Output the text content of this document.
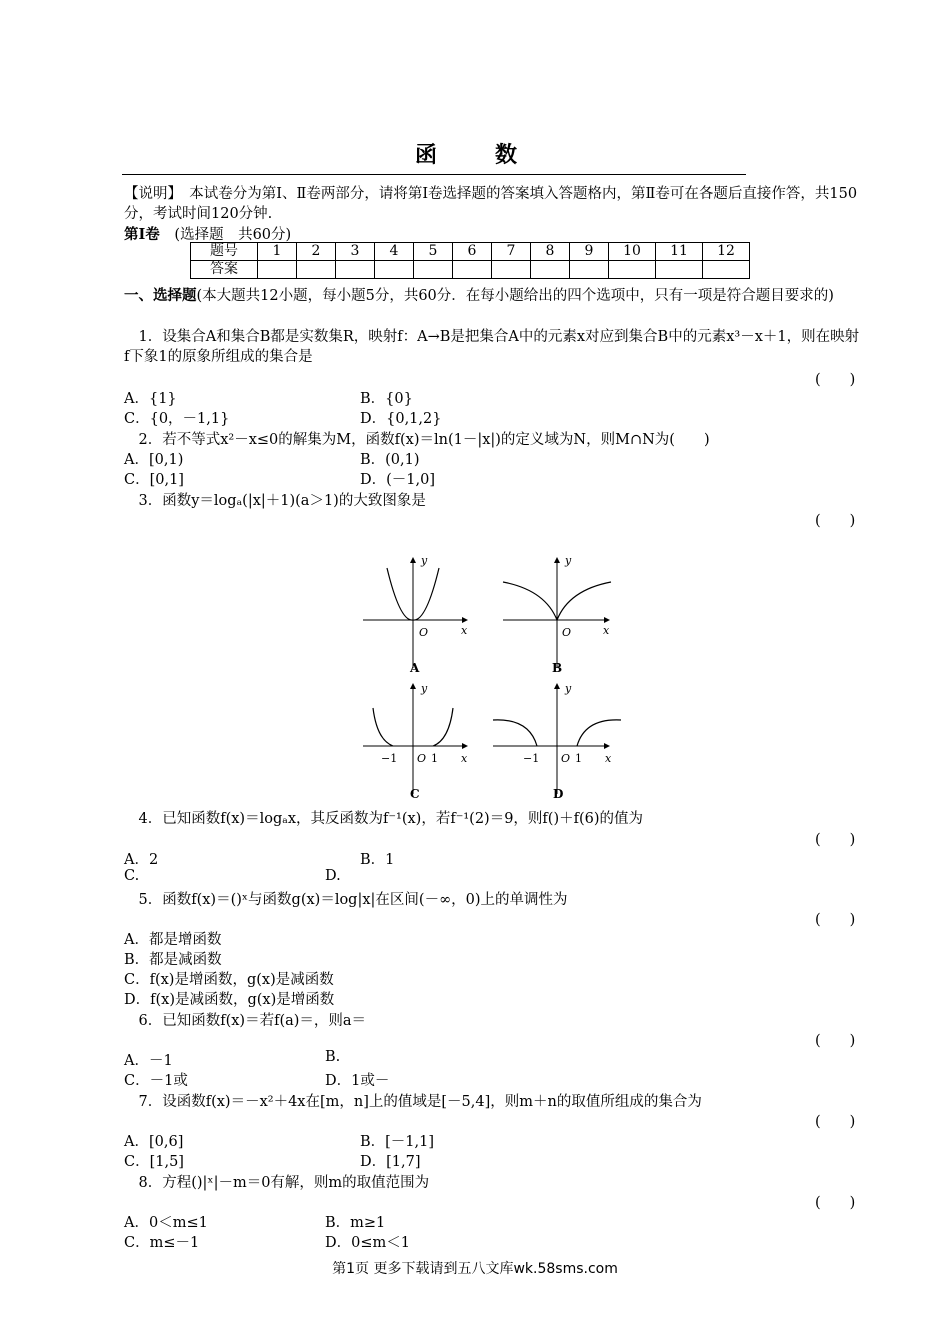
函　数
【说明】　本试卷分为第Ⅰ、Ⅱ卷两部分，请将第Ⅰ卷选择题的答案填入答题格内，第Ⅱ卷可在各题后直接作答，共150分，考试时间120分钟.
第Ⅰ卷 (选择题　共60分)
题号	1	2	3	4	5	6	7	8	9	10	11	12
答案												
一、选择题(本大题共12小题，每小题5分，共60分．在每小题给出的四个选项中，只有一项是符合题目要求的)
1．设集合A和集合B都是实数集R，映射f：A→B是把集合A中的元素x对应到集合B中的元素x³－x＋1，则在映射f下象1的原象所组成的集合是
(　　)
A．{1}	B．{0}
C．{0，－1,1}	D．{0,1,2}
2．若不等式x²－x≤0的解集为M，函数f(x)＝ln(1－|x|)的定义域为N，则M∩N为(　　)
A．[0,1)	B．(0,1)
C．[0,1]	D．(－1,0]
3．函数y＝logₐ(|x|＋1)(a＞1)的大致图象是
(　　)
y
x
O
A
y
x
O
B
y
x
−1 O 1
y
x
−1 O 1
C	D
4．已知函数f(x)＝logₐx，其反函数为f⁻¹(x)，若f⁻¹(2)＝9，则f()＋f(6)的值为
(　　)
A．2	B．1
C.	D.
5．函数f(x)＝()ˣ与函数g(x)＝log|x|在区间(－∞，0)上的单调性为
(　　)
A．都是增函数
B．都是减函数
C．f(x)是增函数，g(x)是减函数
D．f(x)是减函数，g(x)是增函数
6．已知函数f(x)＝若f(a)＝，则a＝
(　　)
A．－1	B.
C．－1或	D．1或－
7．设函数f(x)＝－x²＋4x在[m，n]上的值域是[－5,4]，则m＋n的取值所组成的集合为
(　　)
A．[0,6]	B．[－1,1]
C．[1,5]	D．[1,7]
8．方程()|ˣ|－m＝0有解，则m的取值范围为
(　　)
A．0＜m≤1	B．m≥1
C．m≤－1	D．0≤m＜1
第1页 更多下载请到五八文库wk.58sms.com
